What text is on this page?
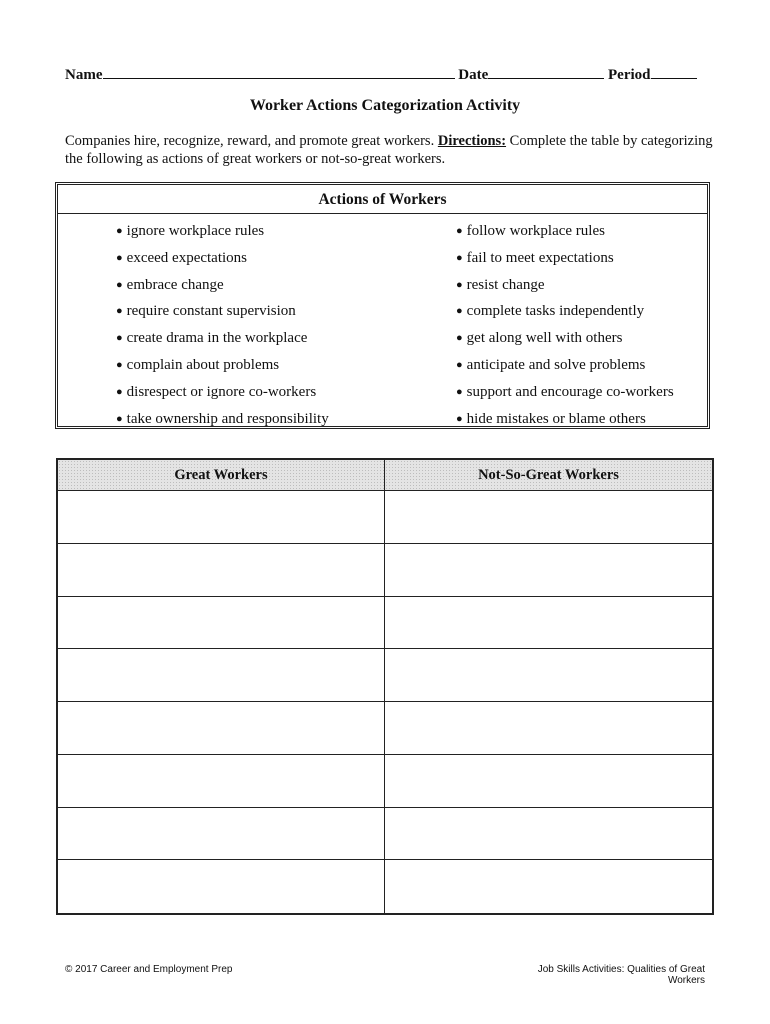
Name	Date	Period
Worker Actions Categorization Activity
Companies hire, recognize, reward, and promote great workers. Directions: Complete the table by categorizing the following as actions of great workers or not-so-great workers.
Actions of Workers
● ignore workplace rules
● exceed expectations
● embrace change
● require constant supervision
● create drama in the workplace
● complain about problems
● disrespect or ignore co-workers
● take ownership and responsibility
● follow workplace rules
● fail to meet expectations
● resist change
● complete tasks independently
● get along well with others
● anticipate and solve problems
● support and encourage co-workers
● hide mistakes or blame others
Great Workers	Not-So-Great Workers
© 2017 Career and Employment Prep	Job Skills Activities: Qualities of Great Workers
